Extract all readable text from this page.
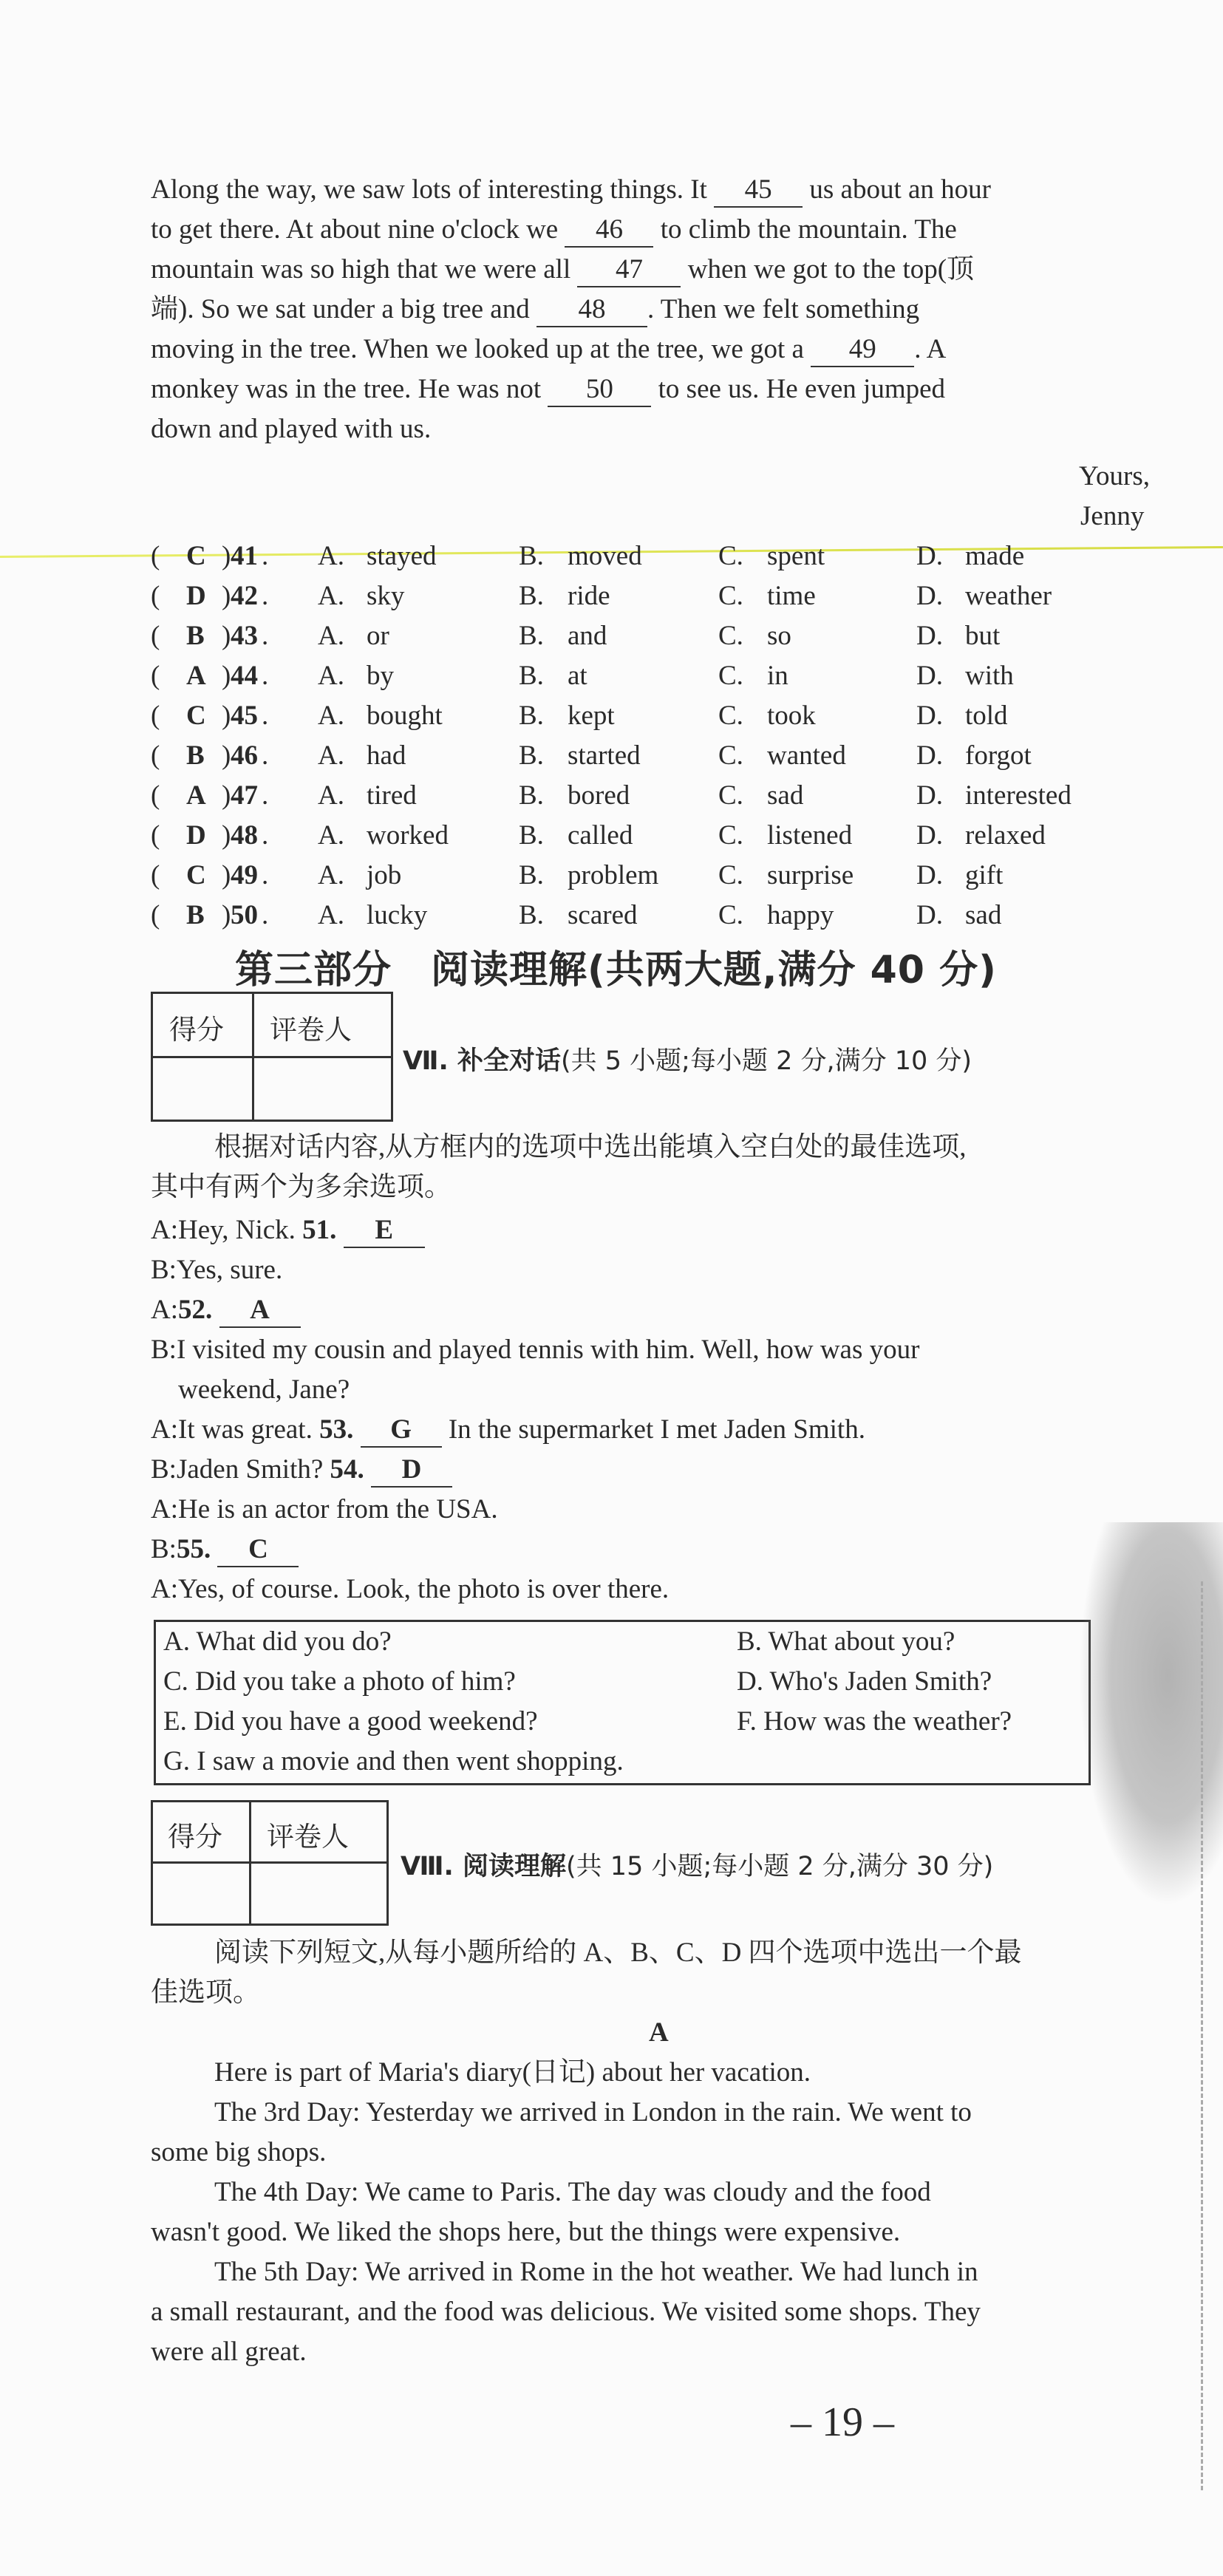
Along the way, we saw lots of interesting things. It 45 us about an hour
to get there. At about nine o'clock we 46 to climb the mountain. The
mountain was so high that we were all 47 when we got to the top(顶
端). So we sat under a big tree and 48 . Then we felt something
moving in the tree. When we looked up at the tree, we got a 49 . A
monkey was in the tree. He was not 50 to see us. He even jumped
down and played with us.
Yours,
Jenny
( C ) 41 . A. stayed	B. moved	C. spent	D. made
( D ) 42 . A. sky	B. ride	C. time	D. weather
( B ) 43 . A. or	B. and	C. so	D. but
( A ) 44 . A. by	B. at	C. in	D. with
( C ) 45 . A. bought	B. kept	C. took	D. told
( B ) 46 . A. had	B. started	C. wanted	D. forgot
( A ) 47 . A. tired	B. bored	C. sad	D. interested
( D ) 48 . A. worked	B. called	C. listened D. relaxed
( C ) 49 . A. job	B. problem C. surprise D. gift
( B ) 50 . A. lucky	B. scared	C. happy	D. sad
第三部分　阅读理解(共两大题,满分 40 分)
得分 评卷人
Ⅶ. 补全对话(共 5 小题;每小题 2 分,满分 10 分)
根据对话内容,从方框内的选项中选出能填入空白处的最佳选项,
其中有两个为多余选项。
A:Hey, Nick. 51. E
B:Yes, sure.
A:52. A
B:I visited my cousin and played tennis with him. Well, how was your
weekend, Jane?
A:It was great. 53. G In the supermarket I met Jaden Smith.
B:Jaden Smith? 54. D
A:He is an actor from the USA.
B:55. C
A:Yes, of course. Look, the photo is over there.
A. What did you do?	B. What about you?
C. Did you take a photo of him?	D. Who's Jaden Smith?
E. Did you have a good weekend?	F. How was the weather?
G. I saw a movie and then went shopping.
得分 评卷人
Ⅷ. 阅读理解(共 15 小题;每小题 2 分,满分 30 分)
阅读下列短文,从每小题所给的 A、B、C、D 四个选项中选出一个最
佳选项。
A
Here is part of Maria's diary(日记) about her vacation.
The 3rd Day: Yesterday we arrived in London in the rain. We went to
some big shops.
The 4th Day: We came to Paris. The day was cloudy and the food
wasn't good. We liked the shops here, but the things were expensive.
The 5th Day: We arrived in Rome in the hot weather. We had lunch in
a small restaurant, and the food was delicious. We visited some shops. They
were all great.
– 19 –
